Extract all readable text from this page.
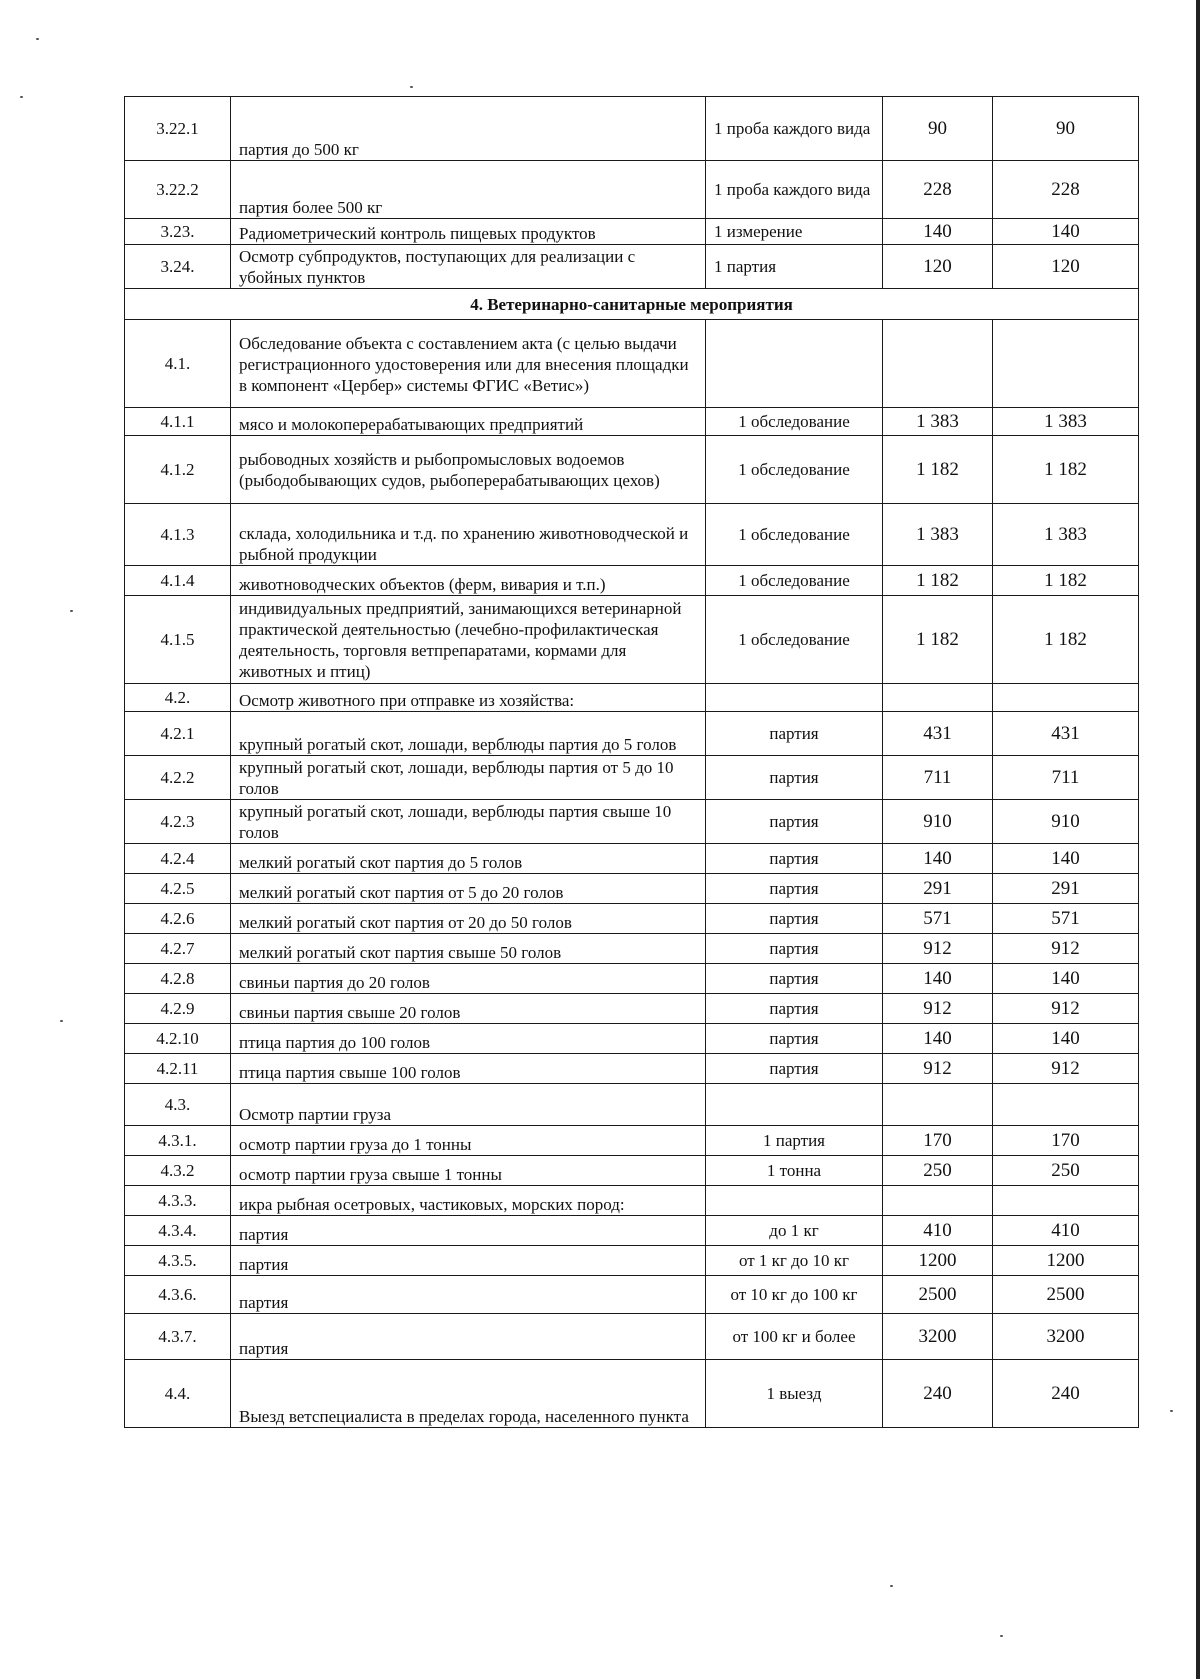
3.22.1	партия до 500 кг	1 проба каждого вида	90	90
3.22.2	партия более 500 кг	1 проба каждого вида	228	228
3.23.	Радиометрический контроль пищевых продуктов	1 измерение	140	140
3.24.	Осмотр субпродуктов, поступающих для реализации с убойных пунктов	1 партия	120	120
4. Ветеринарно-санитарные мероприятия				
4.1.	Обследование объекта с составлением акта (с целью выдачи регистрационного удостоверения или для внесения площадки в компонент «Цербер» системы ФГИС «Ветис»)			
4.1.1	мясо и молокоперерабатывающих предприятий	1 обследование	1 383	1 383
4.1.2	рыбоводных хозяйств и рыбопромысловых водоемов (рыбодобывающих судов, рыбоперерабатывающих цехов)	1 обследование	1 182	1 182
4.1.3	склада, холодильника и т.д. по хранению животноводческой и рыбной продукции	1 обследование	1 383	1 383
4.1.4	животноводческих объектов (ферм, вивария и т.п.)	1 обследование	1 182	1 182
4.1.5	индивидуальных предприятий, занимающихся ветеринарной практической деятельностью (лечебно-профилактическая деятельность, торговля ветпрепаратами, кормами для животных и птиц)	1 обследование	1 182	1 182
4.2.	Осмотр животного при отправке из хозяйства:			
4.2.1	крупный рогатый скот, лошади, верблюды партия до 5 голов	партия	431	431
4.2.2	крупный рогатый скот, лошади, верблюды партия от 5 до 10 голов	партия	711	711
4.2.3	крупный рогатый скот, лошади, верблюды партия свыше 10 голов	партия	910	910
4.2.4	мелкий рогатый скот партия до 5 голов	партия	140	140
4.2.5	мелкий рогатый скот партия от 5 до 20 голов	партия	291	291
4.2.6	мелкий рогатый скот партия от 20 до 50 голов	партия	571	571
4.2.7	мелкий рогатый скот партия свыше 50 голов	партия	912	912
4.2.8	свиньи партия до 20 голов	партия	140	140
4.2.9	свиньи партия свыше 20 голов	партия	912	912
4.2.10	птица партия до 100 голов	партия	140	140
4.2.11	птица партия свыше 100 голов	партия	912	912
4.3.	Осмотр партии груза			
4.3.1.	осмотр партии груза до 1 тонны	1 партия	170	170
4.3.2	осмотр партии груза свыше 1 тонны	1 тонна	250	250
4.3.3.	икра рыбная осетровых, частиковых, морских пород:			
4.3.4.	партия	до 1 кг	410	410
4.3.5.	партия	от 1 кг до 10 кг	1200	1200
4.3.6.	партия	от 10 кг до 100 кг	2500	2500
4.3.7.	партия	от 100 кг и более	3200	3200
4.4.	Выезд ветспециалиста в пределах города, населенного пункта	1 выезд	240	240
